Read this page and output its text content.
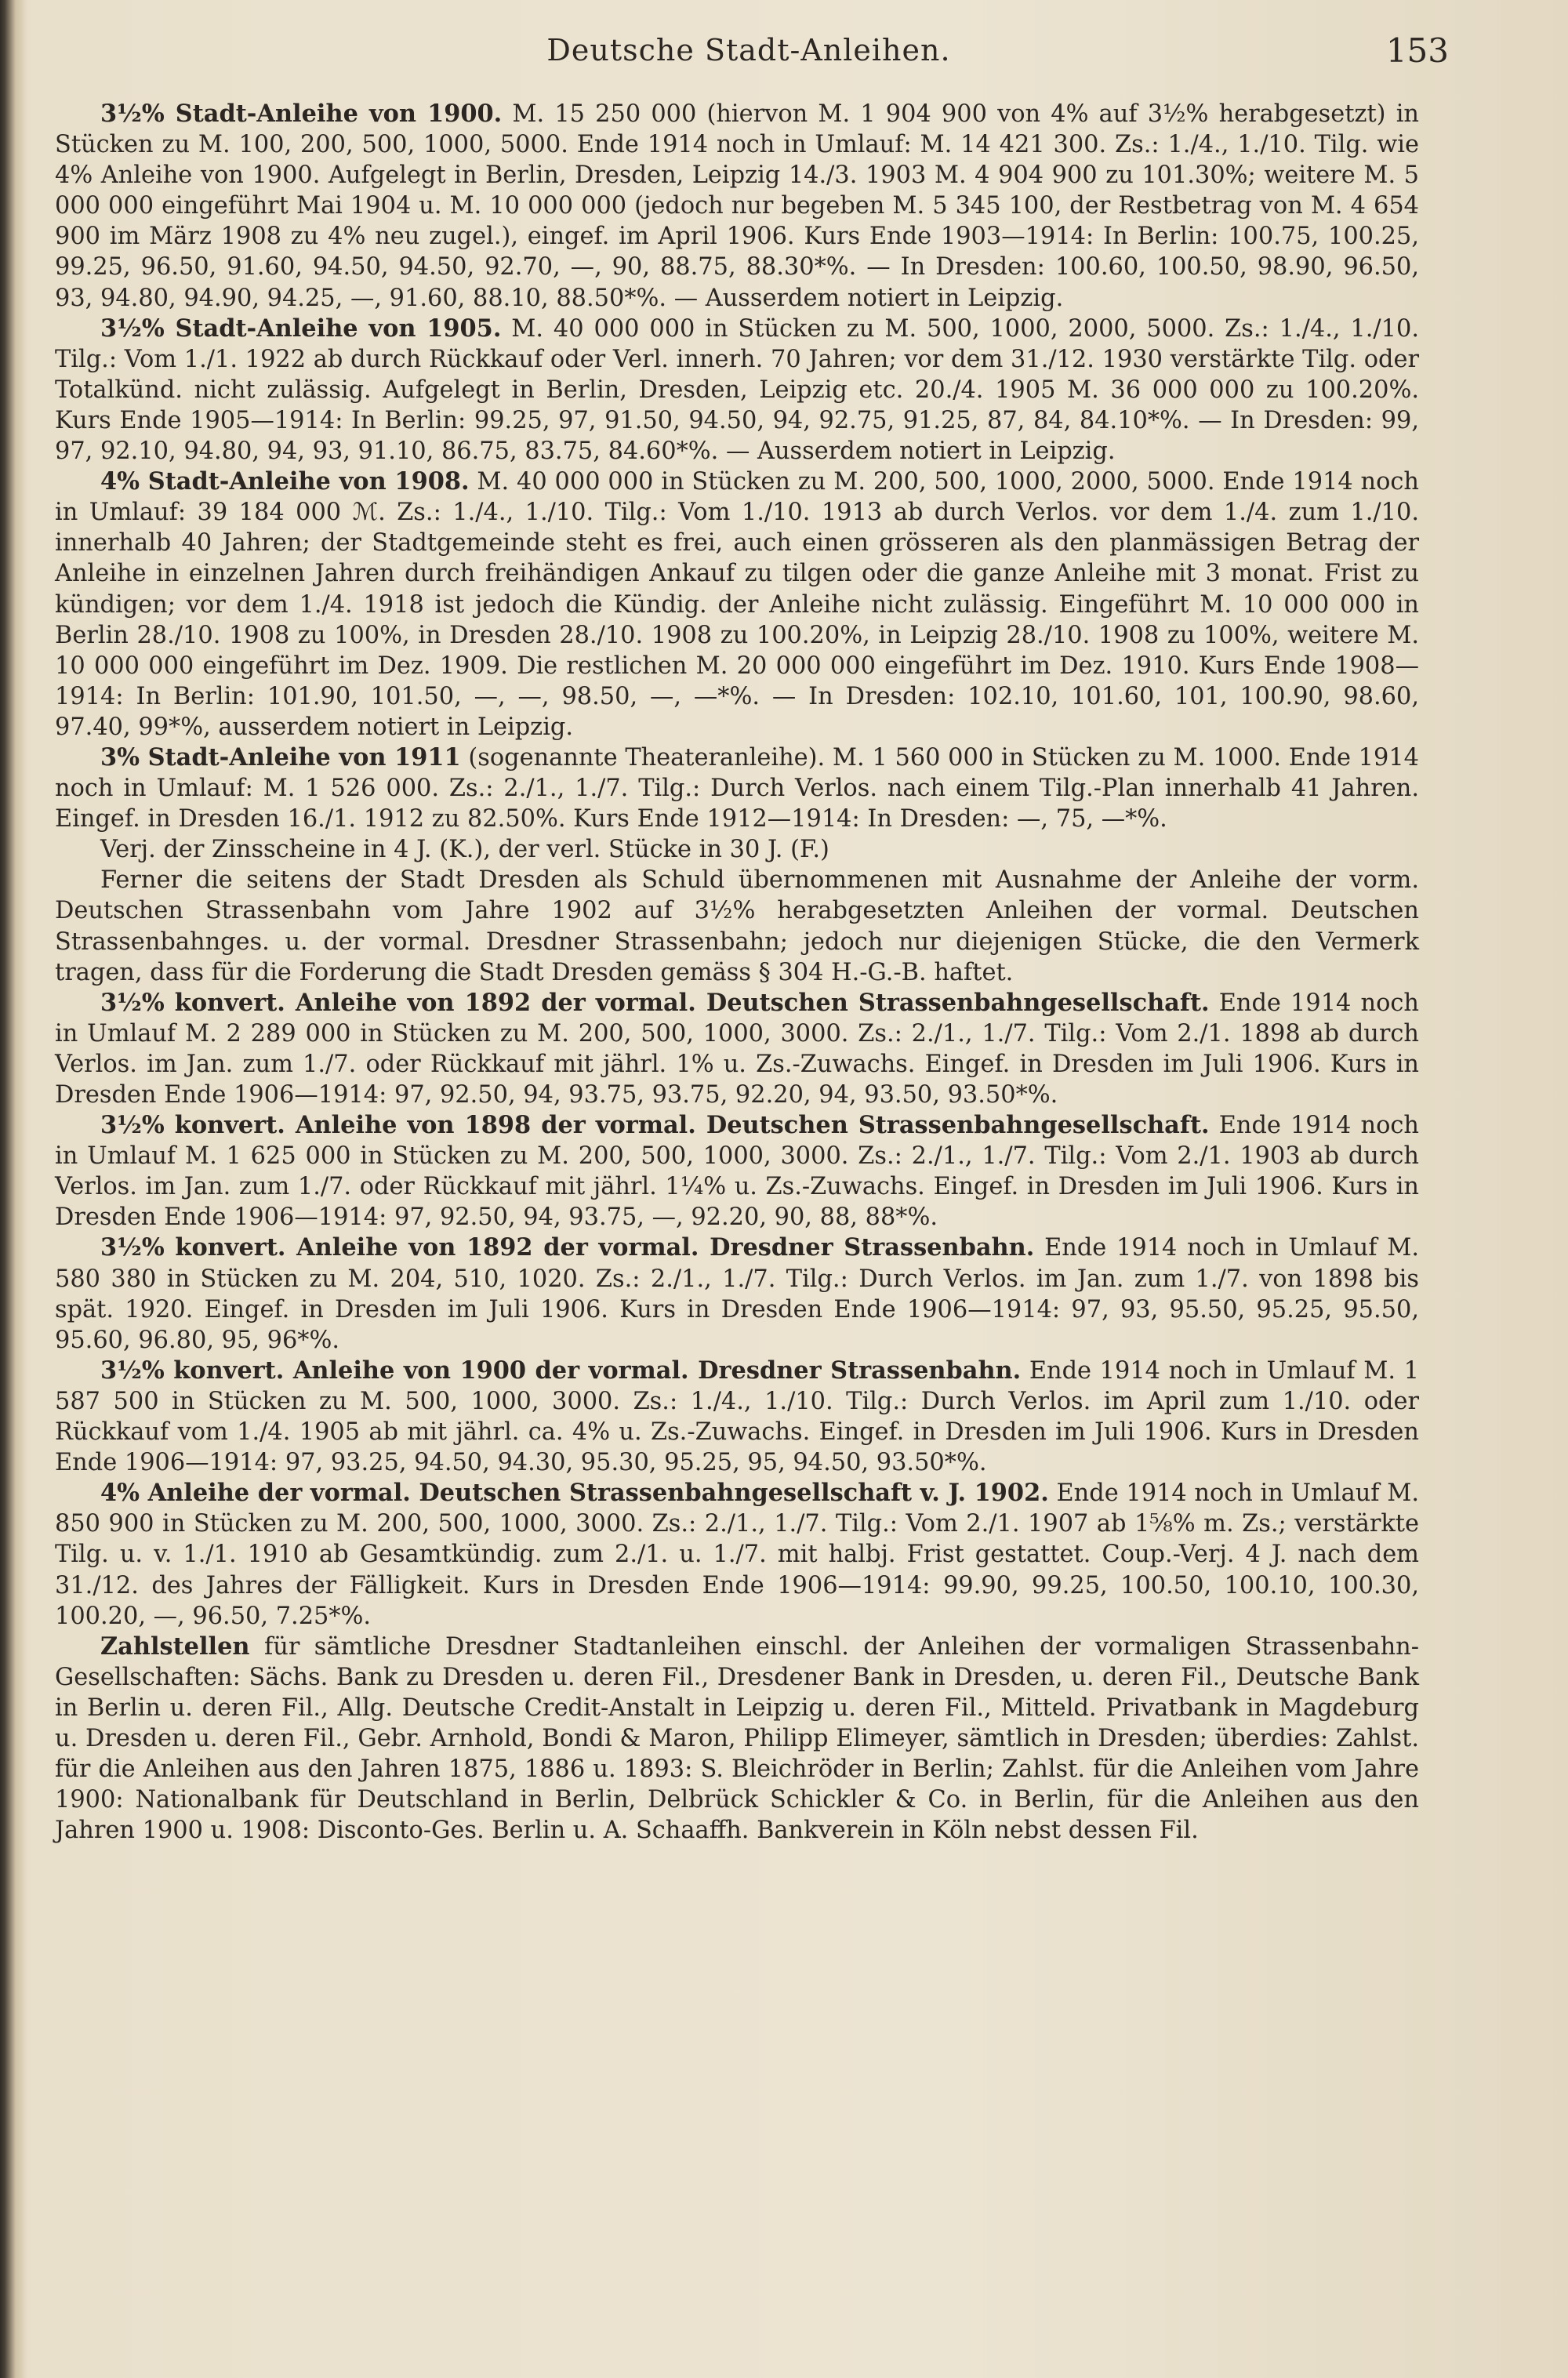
Deutsche Stadt-Anleihen.	153

3½% Stadt-Anleihe von 1900. M. 15 250 000 (hiervon M. 1 904 900 von 4% auf 3½% herabgesetzt) in Stücken zu M. 100, 200, 500, 1000, 5000. Ende 1914 noch in Umlauf: M. 14 421 300. Zs.: 1./4., 1./10. Tilg. wie 4% Anleihe von 1900. Aufgelegt in Berlin, Dresden, Leipzig 14./3. 1903 M. 4 904 900 zu 101.30%; weitere M. 5 000 000 eingeführt Mai 1904 u. M. 10 000 000 (jedoch nur begeben M. 5 345 100, der Restbetrag von M. 4 654 900 im März 1908 zu 4% neu zugel.), eingef. im April 1906. Kurs Ende 1903—1914: In Berlin: 100.75, 100.25, 99.25, 96.50, 91.60, 94.50, 94.50, 92.70, —, 90, 88.75, 88.30*%. — In Dresden: 100.60, 100.50, 98.90, 96.50, 93, 94.80, 94.90, 94.25, —, 91.60, 88.10, 88.50*%. — Ausserdem notiert in Leipzig.

3½% Stadt-Anleihe von 1905. M. 40 000 000 in Stücken zu M. 500, 1000, 2000, 5000. Zs.: 1./4., 1./10. Tilg.: Vom 1./1. 1922 ab durch Rückkauf oder Verl. innerh. 70 Jahren; vor dem 31./12. 1930 verstärkte Tilg. oder Totalkünd. nicht zulässig. Aufgelegt in Berlin, Dresden, Leipzig etc. 20./4. 1905 M. 36 000 000 zu 100.20%. Kurs Ende 1905—1914: In Berlin: 99.25, 97, 91.50, 94.50, 94, 92.75, 91.25, 87, 84, 84.10*%. — In Dresden: 99, 97, 92.10, 94.80, 94, 93, 91.10, 86.75, 83.75, 84.60*%. — Ausserdem notiert in Leipzig.

4% Stadt-Anleihe von 1908. M. 40 000 000 in Stücken zu M. 200, 500, 1000, 2000, 5000. Ende 1914 noch in Umlauf: 39 184 000 ℳ. Zs.: 1./4., 1./10. Tilg.: Vom 1./10. 1913 ab durch Verlos. vor dem 1./4. zum 1./10. innerhalb 40 Jahren; der Stadtgemeinde steht es frei, auch einen grösseren als den planmässigen Betrag der Anleihe in einzelnen Jahren durch freihändigen Ankauf zu tilgen oder die ganze Anleihe mit 3 monat. Frist zu kündigen; vor dem 1./4. 1918 ist jedoch die Kündig. der Anleihe nicht zulässig. Eingeführt M. 10 000 000 in Berlin 28./10. 1908 zu 100%, in Dresden 28./10. 1908 zu 100.20%, in Leipzig 28./10. 1908 zu 100%, weitere M. 10 000 000 eingeführt im Dez. 1909. Die restlichen M. 20 000 000 eingeführt im Dez. 1910. Kurs Ende 1908—1914: In Berlin: 101.90, 101.50, —, —, 98.50, —, —*%. — In Dresden: 102.10, 101.60, 101, 100.90, 98.60, 97.40, 99*%, ausserdem notiert in Leipzig.

3% Stadt-Anleihe von 1911 (sogenannte Theateranleihe). M. 1 560 000 in Stücken zu M. 1000. Ende 1914 noch in Umlauf: M. 1 526 000. Zs.: 2./1., 1./7. Tilg.: Durch Verlos. nach einem Tilg.-Plan innerhalb 41 Jahren. Eingef. in Dresden 16./1. 1912 zu 82.50%. Kurs Ende 1912—1914: In Dresden: —, 75, —*%.

Verj. der Zinsscheine in 4 J. (K.), der verl. Stücke in 30 J. (F.)

Ferner die seitens der Stadt Dresden als Schuld übernommenen mit Ausnahme der Anleihe der vorm. Deutschen Strassenbahn vom Jahre 1902 auf 3½% herabgesetzten Anleihen der vormal. Deutschen Strassenbahnges. u. der vormal. Dresdner Strassenbahn; jedoch nur diejenigen Stücke, die den Vermerk tragen, dass für die Forderung die Stadt Dresden gemäss § 304 H.-G.-B. haftet.

3½% konvert. Anleihe von 1892 der vormal. Deutschen Strassenbahngesellschaft. Ende 1914 noch in Umlauf M. 2 289 000 in Stücken zu M. 200, 500, 1000, 3000. Zs.: 2./1., 1./7. Tilg.: Vom 2./1. 1898 ab durch Verlos. im Jan. zum 1./7. oder Rückkauf mit jährl. 1% u. Zs.-Zuwachs. Eingef. in Dresden im Juli 1906. Kurs in Dresden Ende 1906—1914: 97, 92.50, 94, 93.75, 93.75, 92.20, 94, 93.50, 93.50*%.

3½% konvert. Anleihe von 1898 der vormal. Deutschen Strassenbahngesellschaft. Ende 1914 noch in Umlauf M. 1 625 000 in Stücken zu M. 200, 500, 1000, 3000. Zs.: 2./1., 1./7. Tilg.: Vom 2./1. 1903 ab durch Verlos. im Jan. zum 1./7. oder Rückkauf mit jährl. 1¼% u. Zs.-Zuwachs. Eingef. in Dresden im Juli 1906. Kurs in Dresden Ende 1906—1914: 97, 92.50, 94, 93.75, —, 92.20, 90, 88, 88*%.

3½% konvert. Anleihe von 1892 der vormal. Dresdner Strassenbahn. Ende 1914 noch in Umlauf M. 580 380 in Stücken zu M. 204, 510, 1020. Zs.: 2./1., 1./7. Tilg.: Durch Verlos. im Jan. zum 1./7. von 1898 bis spät. 1920. Eingef. in Dresden im Juli 1906. Kurs in Dresden Ende 1906—1914: 97, 93, 95.50, 95.25, 95.50, 95.60, 96.80, 95, 96*%.

3½% konvert. Anleihe von 1900 der vormal. Dresdner Strassenbahn. Ende 1914 noch in Umlauf M. 1 587 500 in Stücken zu M. 500, 1000, 3000. Zs.: 1./4., 1./10. Tilg.: Durch Verlos. im April zum 1./10. oder Rückkauf vom 1./4. 1905 ab mit jährl. ca. 4% u. Zs.-Zuwachs. Eingef. in Dresden im Juli 1906. Kurs in Dresden Ende 1906—1914: 97, 93.25, 94.50, 94.30, 95.30, 95.25, 95, 94.50, 93.50*%.

4% Anleihe der vormal. Deutschen Strassenbahngesellschaft v. J. 1902. Ende 1914 noch in Umlauf M. 850 900 in Stücken zu M. 200, 500, 1000, 3000. Zs.: 2./1., 1./7. Tilg.: Vom 2./1. 1907 ab 1⅝% m. Zs.; verstärkte Tilg. u. v. 1./1. 1910 ab Gesamtkündig. zum 2./1. u. 1./7. mit halbj. Frist gestattet. Coup.-Verj. 4 J. nach dem 31./12. des Jahres der Fälligkeit. Kurs in Dresden Ende 1906—1914: 99.90, 99.25, 100.50, 100.10, 100.30, 100.20, —, 96.50, 7.25*%.

Zahlstellen für sämtliche Dresdner Stadtanleihen einschl. der Anleihen der vormaligen Strassenbahn-Gesellschaften: Sächs. Bank zu Dresden u. deren Fil., Dresdener Bank in Dresden, u. deren Fil., Deutsche Bank in Berlin u. deren Fil., Allg. Deutsche Credit-Anstalt in Leipzig u. deren Fil., Mitteld. Privatbank in Magdeburg u. Dresden u. deren Fil., Gebr. Arnhold, Bondi & Maron, Philipp Elimeyer, sämtlich in Dresden; überdies: Zahlst. für die Anleihen aus den Jahren 1875, 1886 u. 1893: S. Bleichröder in Berlin; Zahlst. für die Anleihen vom Jahre 1900: Nationalbank für Deutschland in Berlin, Delbrück Schickler & Co. in Berlin, für die Anleihen aus den Jahren 1900 u. 1908: Disconto-Ges. Berlin u. A. Schaaffh. Bankverein in Köln nebst dessen Fil.
